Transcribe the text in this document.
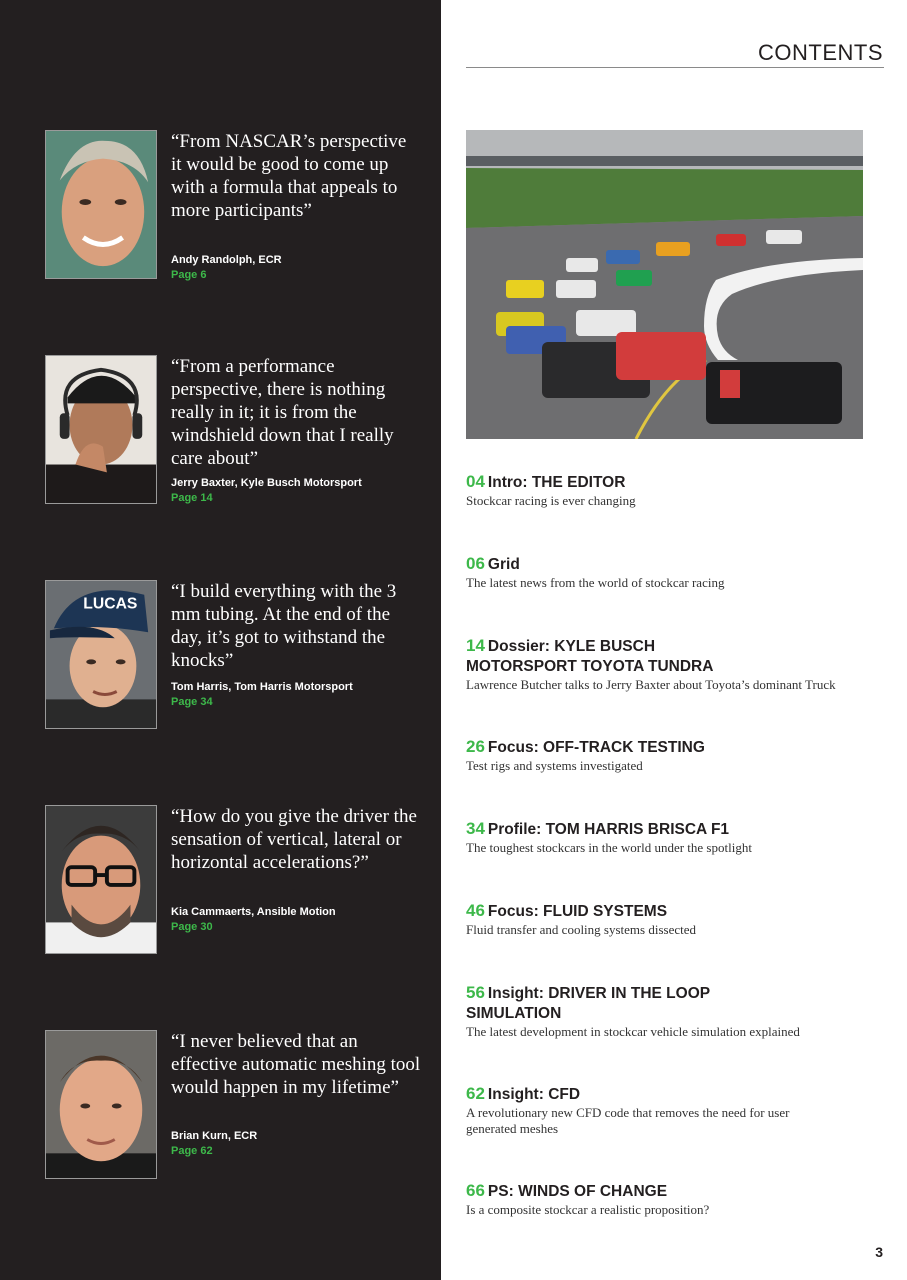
“From NASCAR’s perspective it would be good to come up with a formula that appeals to more participants”
Andy Randolph, ECR
Page 6
“From a performance perspective, there is nothing really in it; it is from the windshield down that I really care about”
Jerry Baxter, Kyle Busch Motorsport
Page 14
LUCAS
“I build everything with the 3 mm tubing. At the end of the day, it’s got to withstand the knocks”
Tom Harris, Tom Harris Motorsport
Page 34
“How do you give the driver the sensation of vertical, lateral or horizontal accelerations?”
Kia Cammaerts, Ansible Motion
Page 30
“I never believed that an effective automatic meshing tool would happen in my lifetime”
Brian Kurn, ECR
Page 62
CONTENTS
04 Intro: THE EDITOR
Stockcar racing is ever changing
06 Grid
The latest news from the world of stockcar racing
14 Dossier: KYLE BUSCH MOTORSPORT TOYOTA TUNDRA
Lawrence Butcher talks to Jerry Baxter about Toyota’s dominant Truck
26 Focus: OFF-TRACK TESTING
Test rigs and systems investigated
34 Profile: TOM HARRIS BRISCA F1
The toughest stockcars in the world under the spotlight
46 Focus: FLUID SYSTEMS
Fluid transfer and cooling systems dissected
56 Insight: DRIVER IN THE LOOP SIMULATION
The latest development in stockcar vehicle simulation explained
62 Insight: CFD
A revolutionary new CFD code that removes the need for user generated meshes
66 PS: WINDS OF CHANGE
Is a composite stockcar a realistic proposition?
3
